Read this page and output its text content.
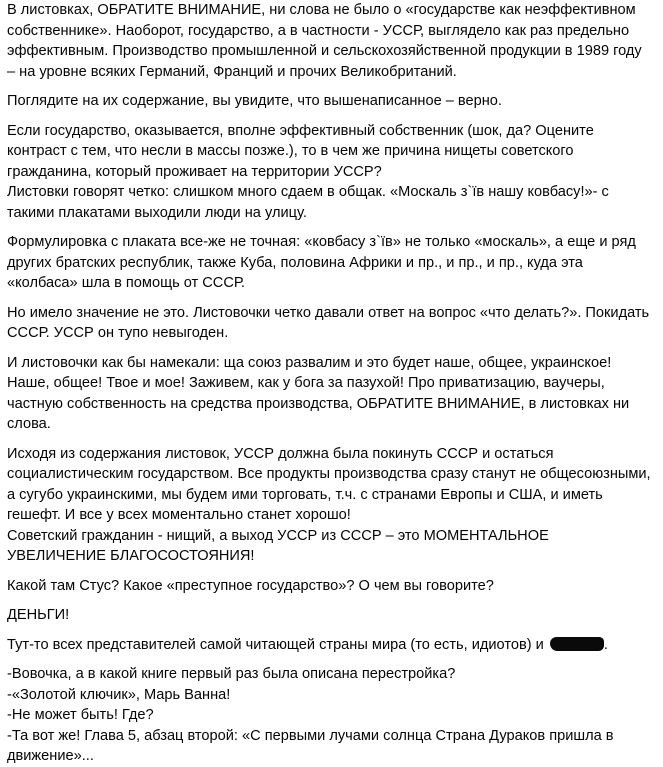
В листовках, ОБРАТИТЕ ВНИМАНИЕ, ни слова не было о «государстве как неэффективном собственнике». Наоборот, государство, а в частности - УССР, выглядело как раз предельно эффективным. Производство промышленной и сельскохозяйственной продукции в 1989 году – на уровне всяких Германий, Франций и прочих Великобританий.

Поглядите на их содержание, вы увидите, что вышенаписанное – верно.

Если государство, оказывается, вполне эффективный собственник (шок, да? Оцените контраст с тем, что несли в массы позже.), то в чем же причина нищеты советского гражданина, который проживает на территории УССР?
Листовки говорят четко: слишком много сдаем в общак. «Москаль з`їв нашу ковбасу!»- с такими плакатами выходили люди на улицу.

Формулировка с плаката все-же не точная: «ковбасу з`їв» не только «москаль», а еще и ряд других братских республик, также Куба, половина Африки и пр., и пр., и пр., куда эта «колбаса» шла в помощь от СССР.

Но имело значение не это. Листовочки четко давали ответ на вопрос «что делать?». Покидать СССР. УССР он тупо невыгоден.

И листовочки как бы намекали: ща союз развалим и это будет наше, общее, украинское! Наше, общее! Твое и мое! Заживем, как у бога за пазухой! Про приватизацию, ваучеры, частную собственность на средства производства, ОБРАТИТЕ ВНИМАНИЕ, в листовках ни слова.

Исходя из содержания листовок, УССР должна была покинуть СССР и остаться социалистическим государством. Все продукты производства сразу станут не общесоюзными, а сугубо украинскими, мы будем ими торговать, т.ч. с странами Европы и США, и иметь гешефт. И все у всех моментально станет хорошо!
Советский гражданин - нищий, а выход УССР из СССР – это МОМЕНТАЛЬНОЕ УВЕЛИЧЕНИЕ БЛАГОСОСТОЯНИЯ!

Какой там Стус? Какое «преступное государство»? О чем вы говорите?

ДЕНЬГИ!

Тут-то всех представителей самой читающей страны мира (то есть, идиотов) и	.

-Вовочка, а в какой книге первый раз была описана перестройка?
-«Золотой ключик», Марь Ванна!
-Не может быть! Где?
-Та вот же! Глава 5, абзац второй: «С первыми лучами солнца Страна Дураков пришла в движение»...
